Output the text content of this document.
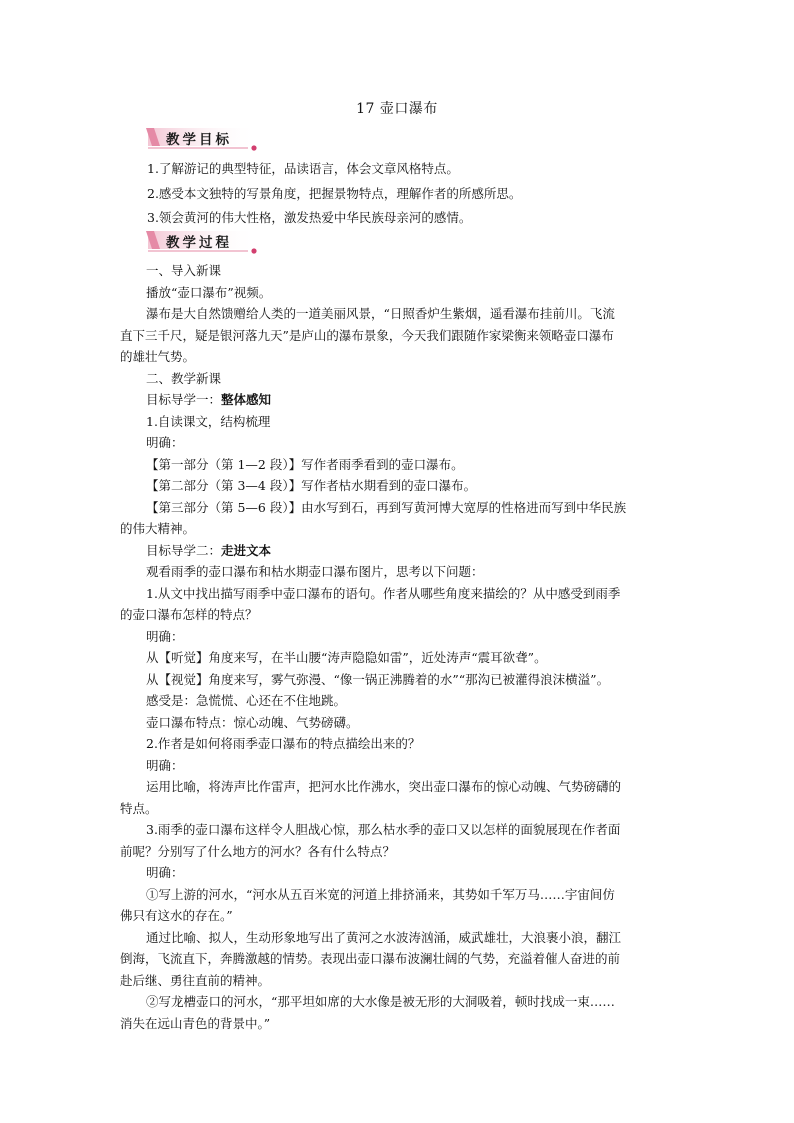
17 壶口瀑布
教学目标
1.了解游记的典型特征，品读语言，体会文章风格特点。
2.感受本文独特的写景角度，把握景物特点，理解作者的所感所思。
3.领会黄河的伟大性格，激发热爱中华民族母亲河的感情。
教学过程
一、导入新课
播放“壶口瀑布”视频。
瀑布是大自然馈赠给人类的一道美丽风景，“日照香炉生紫烟，遥看瀑布挂前川。飞流
直下三千尺，疑是银河落九天”是庐山的瀑布景象，今天我们跟随作家梁衡来领略壶口瀑布
的雄壮气势。
二、教学新课
目标导学一：整体感知
1.自读课文，结构梳理
明确：
【第一部分（第 1—2 段）】写作者雨季看到的壶口瀑布。
【第二部分（第 3—4 段）】写作者枯水期看到的壶口瀑布。
【第三部分（第 5—6 段）】由水写到石，再到写黄河博大宽厚的性格进而写到中华民族
的伟大精神。
目标导学二：走进文本
观看雨季的壶口瀑布和枯水期壶口瀑布图片，思考以下问题：
1.从文中找出描写雨季中壶口瀑布的语句。作者从哪些角度来描绘的？从中感受到雨季
的壶口瀑布怎样的特点？
明确：
从【听觉】角度来写，在半山腰“涛声隐隐如雷”，近处涛声“震耳欲聋”。
从【视觉】角度来写，雾气弥漫、“像一锅正沸腾着的水”“那沟已被灌得浪沫横溢”。
感受是：急慌慌、心还在不住地跳。
壶口瀑布特点：惊心动魄、气势磅礴。
2.作者是如何将雨季壶口瀑布的特点描绘出来的？
明确：
运用比喻，将涛声比作雷声，把河水比作沸水，突出壶口瀑布的惊心动魄、气势磅礴的
特点。
3.雨季的壶口瀑布这样令人胆战心惊，那么枯水季的壶口又以怎样的面貌展现在作者面
前呢？分别写了什么地方的河水？各有什么特点？
明确：
①写上游的河水，“河水从五百米宽的河道上排挤涌来，其势如千军万马……宇宙间仿
佛只有这水的存在。”
通过比喻、拟人，生动形象地写出了黄河之水波涛汹涌，威武雄壮，大浪裹小浪，翻江
倒海，飞流直下，奔腾激越的情势。表现出壶口瀑布波澜壮阔的气势，充溢着催人奋进的前
赴后继、勇往直前的精神。
②写龙槽壶口的河水，“那平坦如席的大水像是被无形的大洞吸着，顿时找成一束……
消失在远山青色的背景中。”
